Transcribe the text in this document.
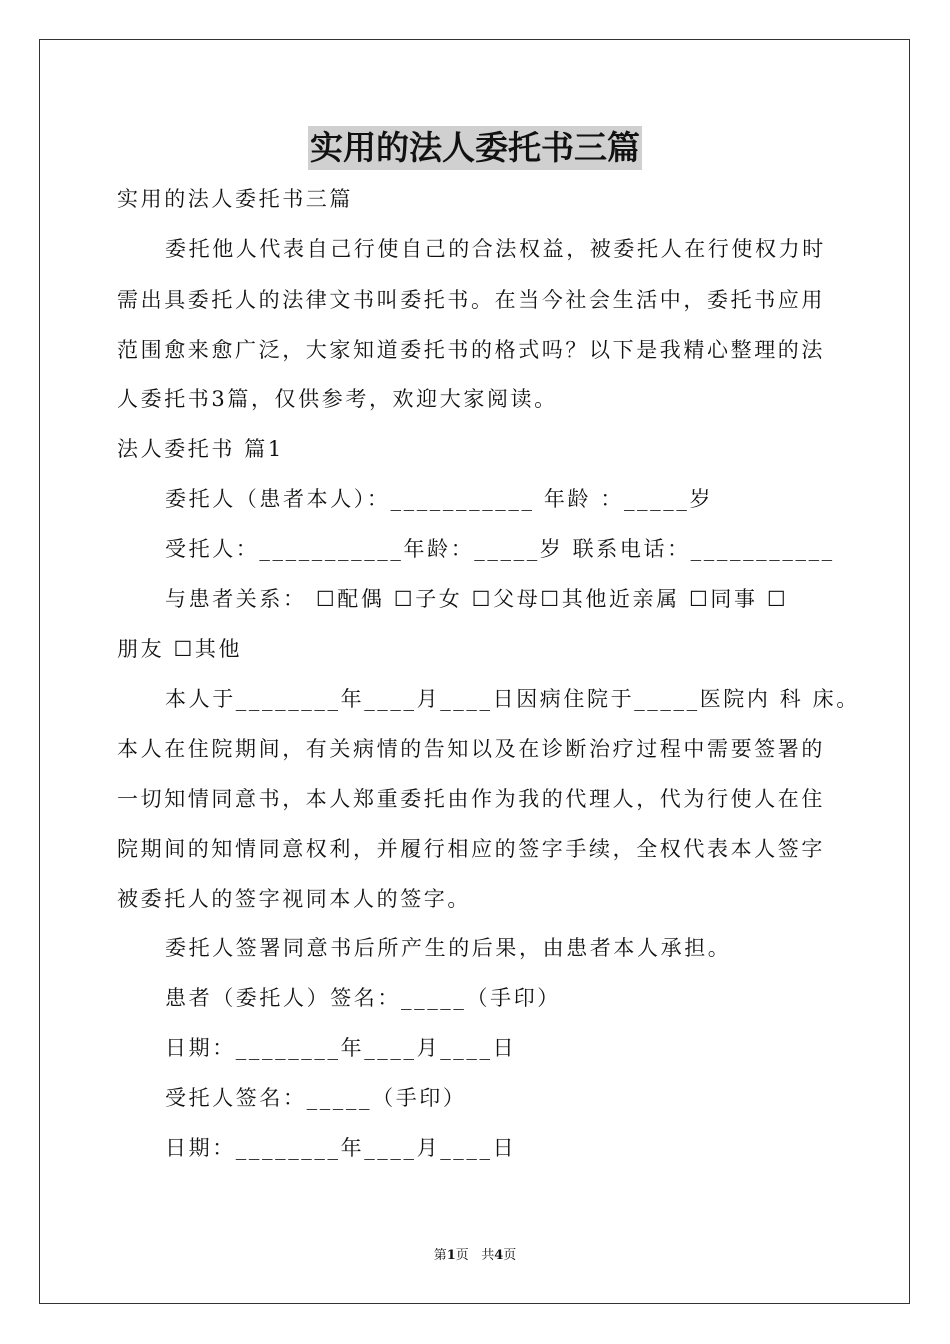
实用的法人委托书三篇
实用的法人委托书三篇
委托他人代表自己行使自己的合法权益，被委托人在行使权力时
需出具委托人的法律文书叫委托书。在当今社会生活中，委托书应用
范围愈来愈广泛，大家知道委托书的格式吗？以下是我精心整理的法
人委托书3篇，仅供参考，欢迎大家阅读。
法人委托书 篇1
委托人（患者本人）：___________ 年龄 ：_____岁
受托人：___________年龄：_____岁 联系电话：___________
与患者关系： ☐配偶 ☐子女 ☐父母☐其他近亲属 ☐同事 ☐
朋友 ☐其他
本人于________年____月____日因病住院于_____医院内 科 床。
本人在住院期间，有关病情的告知以及在诊断治疗过程中需要签署的
一切知情同意书，本人郑重委托由作为我的代理人，代为行使人在住
院期间的知情同意权利，并履行相应的签字手续，全权代表本人签字
被委托人的签字视同本人的签字。
委托人签署同意书后所产生的后果，由患者本人承担。
患者（委托人）签名：_____（手印）
日期：________年____月____日
受托人签名：_____（手印）
日期：________年____月____日
第1页 共4页
